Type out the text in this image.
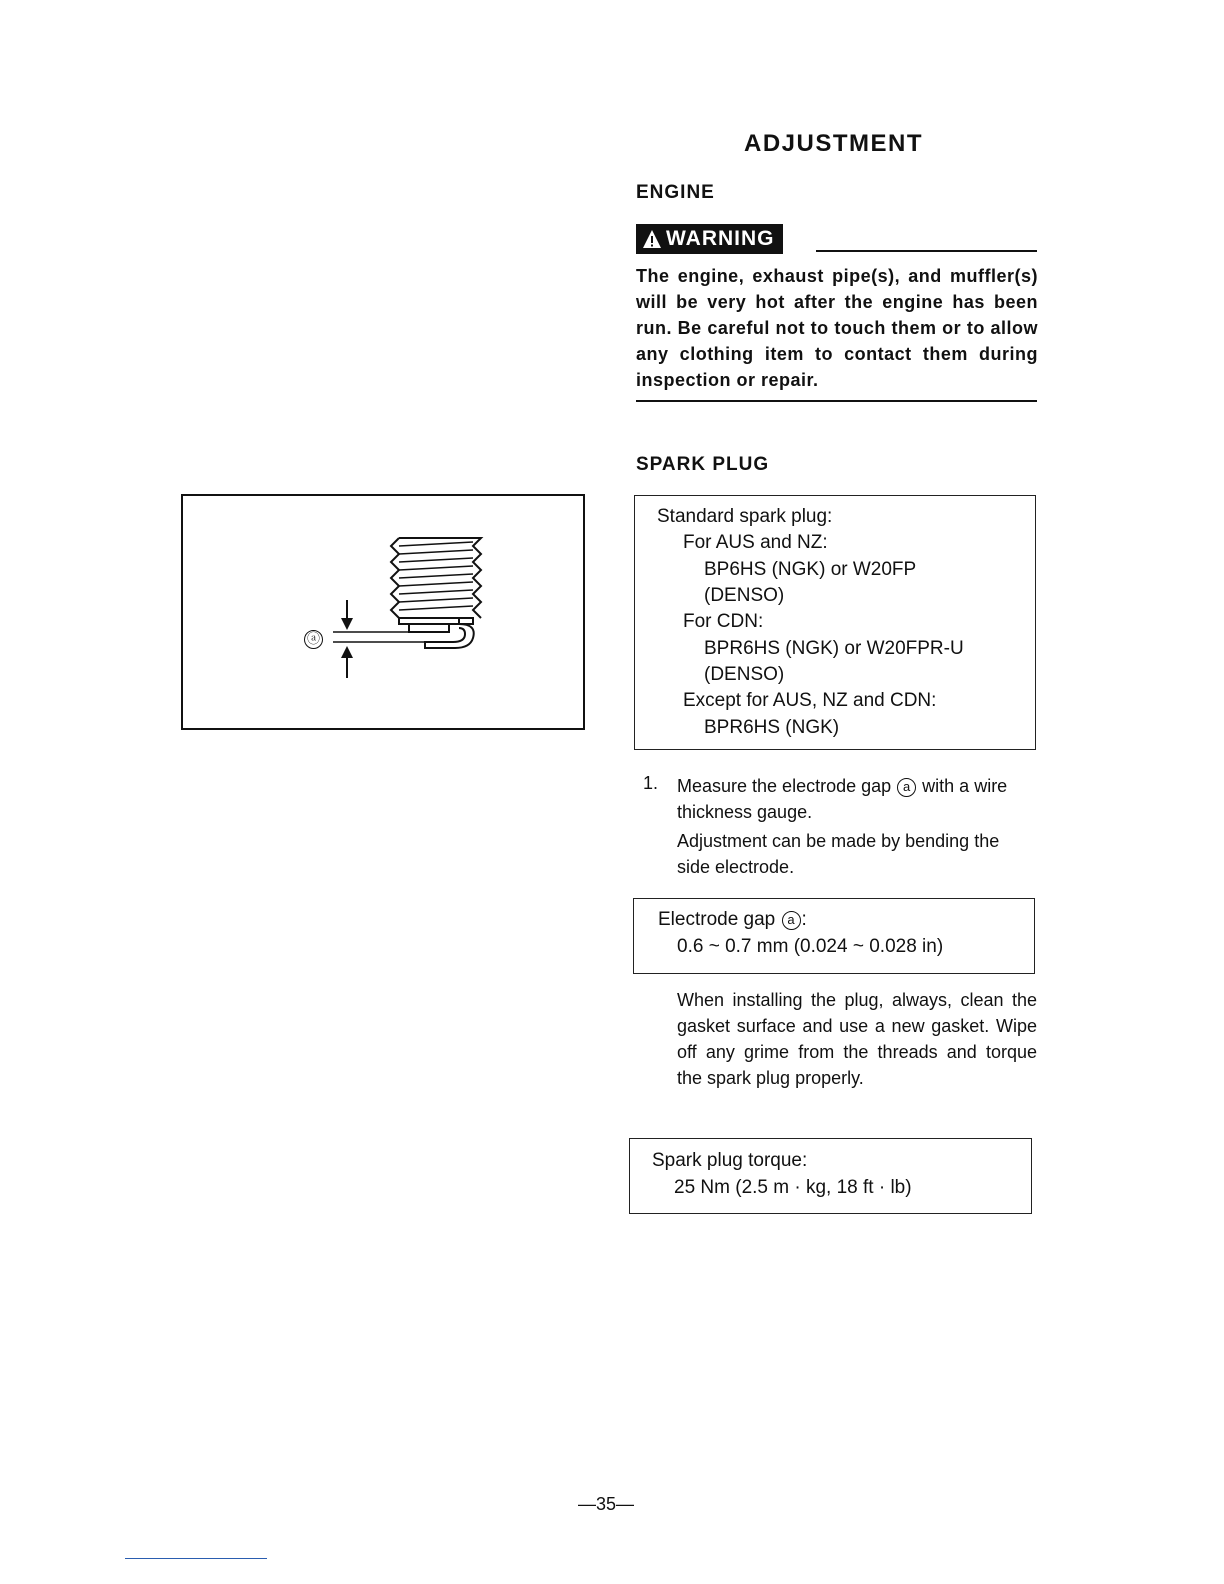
ADJUSTMENT
ENGINE
WARNING
The engine, exhaust pipe(s), and muffler(s) will be very hot after the engine has been run. Be careful not to touch them or to allow any clothing item to contact them during inspection or repair.
SPARK PLUG
ⓐ
Standard spark plug:
For AUS and NZ:
BP6HS (NGK) or W20FP
(DENSO)
For CDN:
BPR6HS (NGK) or W20FPR-U
(DENSO)
Except for AUS, NZ and CDN:
BPR6HS (NGK)
1. Measure the electrode gap a with a wire thickness gauge.

Adjustment can be made by bending the side electrode.

Electrode gap a :
0.6 ~ 0.7 mm (0.024 ~ 0.028 in)
When installing the plug, always, clean the gasket surface and use a new gasket. Wipe off any grime from the threads and torque the spark plug properly.
Spark plug torque:
25 Nm (2.5 m · kg, 18 ft · lb)
—35—
